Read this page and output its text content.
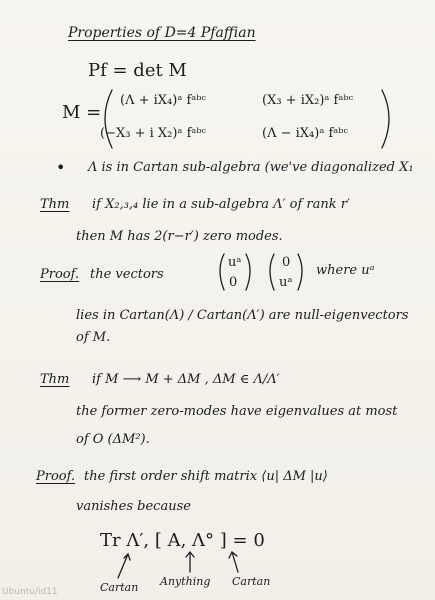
Properties of D=4 Pfaffian
Pf = det M
M =
(Λ + iX₄)ᵃ fᵃᵇᶜ	(X₃ + iX₂)ᵃ fᵃᵇᶜ
(−X₃ + i X₂)ᵃ fᵃᵇᶜ	(Λ − iX₄)ᵃ fᵃᵇᶜ
• Λ is in Cartan sub-algebra (we've diagonalized X₁
Thm if X₂,₃,₄ lie in a sub-algebra Λ′ of rank r′
then M has 2(r−r′) zero modes.
Proof. the vectors
uᵃ
0
0
uᵃ
where uᵃ
lies in Cartan(Λ) / Cartan(Λ′) are null-eigenvectors
of M.
Thm if M ⟶ M + ΔM , ΔM ∈ Λ/Λ′
the former zero-modes have eigenvalues at most
of O (ΔM²).
Proof. the first order shift matrix ⟨u| ΔM |u⟩
vanishes because
Tr Λ′, [ A, Λ° ] = 0
Cartan Anything Cartan
Ubuntu/id11
